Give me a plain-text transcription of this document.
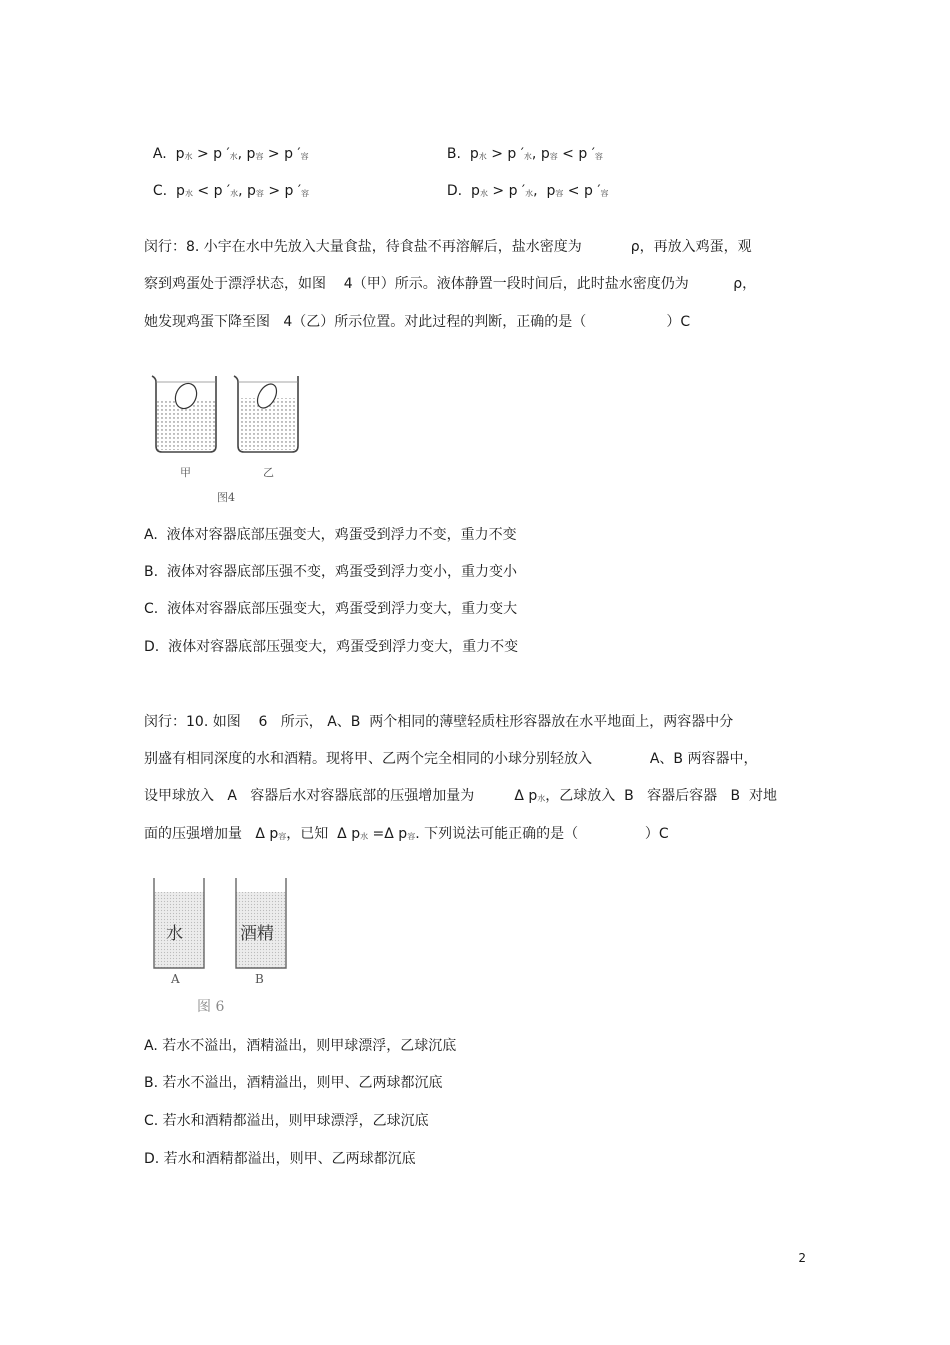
A. p水 > p ′水, p容 > p ′容	B. p水 > p ′水, p容 < p ′容

C. p水 < p ′水, p容 > p ′容	D. p水 > p ′水,  p容 < p ′容

闵行：8. 小宇在水中先放入大量食盐，待食盐不再溶解后，盐水密度为           ρ，再放入鸡蛋，观
察到鸡蛋处于漂浮状态，如图    4（甲）所示。液体静置一段时间后，此时盐水密度仍为          ρ，
她发现鸡蛋下降至图   4（乙）所示位置。对此过程的判断，正确的是（                  ）C
甲	乙
图4
A.  液体对容器底部压强变大，鸡蛋受到浮力不变，重力不变
B.  液体对容器底部压强不变，鸡蛋受到浮力变小，重力变小
C.  液体对容器底部压强变大，鸡蛋受到浮力变大，重力变大
D.  液体对容器底部压强变大，鸡蛋受到浮力变大，重力不变
闵行：10. 如图    6   所示， A、B  两个相同的薄壁轻质柱形容器放在水平地面上，两容器中分
别盛有相同深度的水和酒精。现将甲、乙两个完全相同的小球分别轻放入             A、B 两容器中，
设甲球放入   A   容器后水对容器底部的压强增加量为         Δ p水，乙球放入  B   容器后容器   B  对地
面的压强增加量   Δ p容，已知  Δ p水 =Δ p容. 下列说法可能正确的是（               ）C
水	酒精
A	B
图 6
A. 若水不溢出，酒精溢出，则甲球漂浮，乙球沉底
B. 若水不溢出，酒精溢出，则甲、乙两球都沉底
C. 若水和酒精都溢出，则甲球漂浮，乙球沉底
D. 若水和酒精都溢出，则甲、乙两球都沉底
2
